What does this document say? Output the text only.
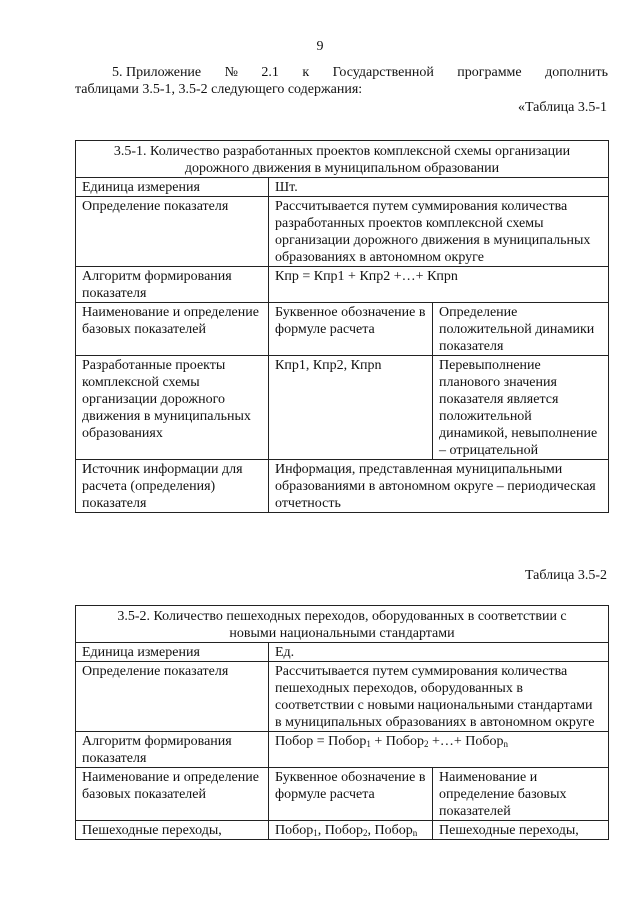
9
5. Приложение № 2.1 к Государственной программе дополнить
таблицами 3.5-1, 3.5-2 следующего содержания:
«Таблица 3.5-1
3.5-1. Количество разработанных проектов комплексной схемы организации
дорожного движения в муниципальном образовании		

Единица измерения	Шт.	
Определение показателя	Рассчитывается путем суммирования количества разработанных проектов комплексной схемы организации дорожного движения в муниципальных образованиях в автономном округе	
Алгоритм формирования показателя	Кпр = Кпр1 + Кпр2 +…+ Кпрn	
Наименование и определение базовых показателей	Буквенное обозначение в формуле расчета	Определение положительной динамики показателя
Разработанные проекты комплексной схемы организации дорожного движения в муниципальных образованиях	Кпр1, Кпр2, Кпрn	Перевыполнение планового значения показателя является положительной динамикой, невыполнение – отрицательной
Источник информации для расчета (определения) показателя	Информация, представленная муниципальными образованиями в автономном округе – периодическая отчетность	
Таблица 3.5-2
3.5-2. Количество пешеходных переходов, оборудованных в соответствии с
новыми национальными стандартами		

Единица измерения	Ед.	
Определение показателя	Рассчитывается путем суммирования количества пешеходных переходов, оборудованных в соответствии с новыми национальными стандартами в муниципальных образованиях в автономном округе	
Алгоритм формирования показателя	Побор = Побор$_1$ + Побор$_2$ +…+ Побор$_n$
Наименование и определение базовых показателей	Буквенное обозначение в формуле расчета	Наименование и определение базовых показателей
Пешеходные переходы,	Побор$_1$, Побор$_2$, Побор$_n$	Пешеходные переходы,
